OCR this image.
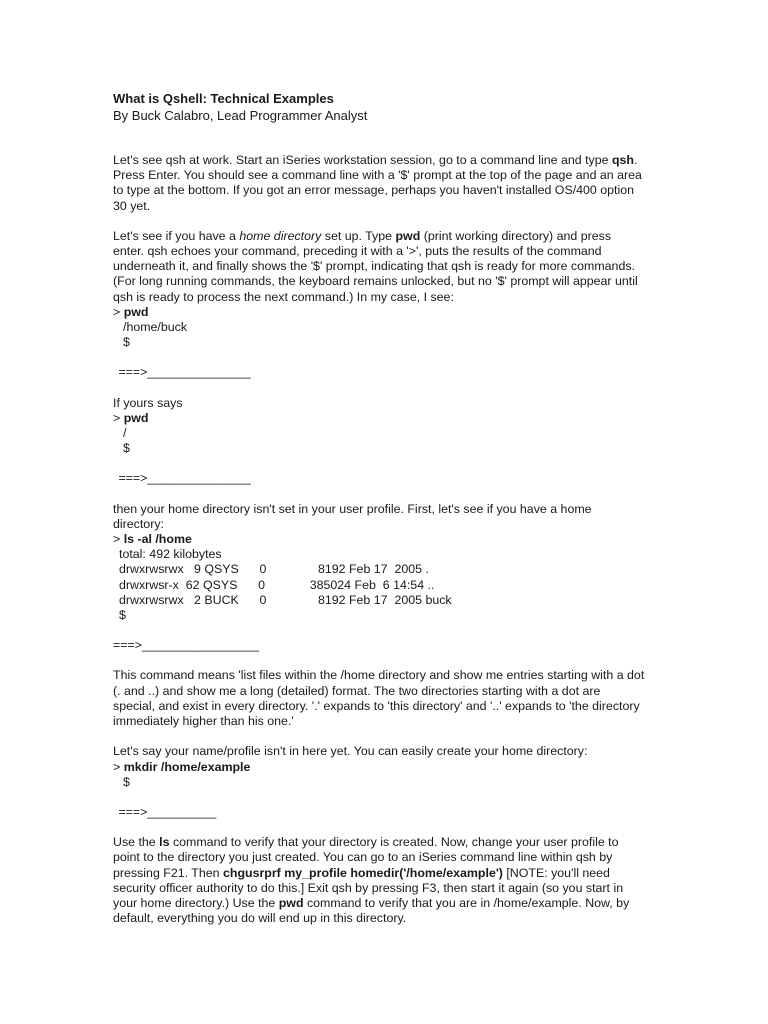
What is Qshell: Technical Examples

By Buck Calabro, Lead Programmer Analyst

Let's see qsh at work. Start an iSeries workstation session, go to a command line and type qsh.

Press Enter. You should see a command line with a '$' prompt at the top of the page and an area

to type at the bottom. If you got an error message, perhaps you haven't installed OS/400 option

30 yet.

Let's see if you have a home directory set up. Type pwd (print working directory) and press

enter. qsh echoes your command, preceding it with a '>', puts the results of the command

underneath it, and finally shows the '$' prompt, indicating that qsh is ready for more commands.

(For long running commands, the keyboard remains unlocked, but no '$' prompt will appear until

qsh is ready to process the next command.) In my case, I see:

> pwd

/home/buck

$

===>_______________

If yours says

> pwd

/

$

===>_______________

then your home directory isn't set in your user profile. First, let's see if you have a home

directory:

> ls -al /home

total: 492 kilobytes

drwxrwsrwx   9 QSYS      0               8192 Feb 17  2005 .

drwxrwsr-x  62 QSYS      0             385024 Feb  6 14:54 ..

drwxrwsrwx   2 BUCK      0               8192 Feb 17  2005 buck

$

===>_________________

This command means 'list files within the /home directory and show me entries starting with a dot

(. and ..) and show me a long (detailed) format. The two directories starting with a dot are

special, and exist in every directory. '.' expands to 'this directory' and '..' expands to 'the directory

immediately higher than his one.'

Let's say your name/profile isn't in here yet. You can easily create your home directory:

> mkdir /home/example

$

===>__________

Use the ls command to verify that your directory is created. Now, change your user profile to

point to the directory you just created. You can go to an iSeries command line within qsh by

pressing F21. Then chgusrprf my_profile homedir('/home/example') [NOTE: you'll need

security officer authority to do this.] Exit qsh by pressing F3, then start it again (so you start in

your home directory.) Use the pwd command to verify that you are in /home/example. Now, by

default, everything you do will end up in this directory.
